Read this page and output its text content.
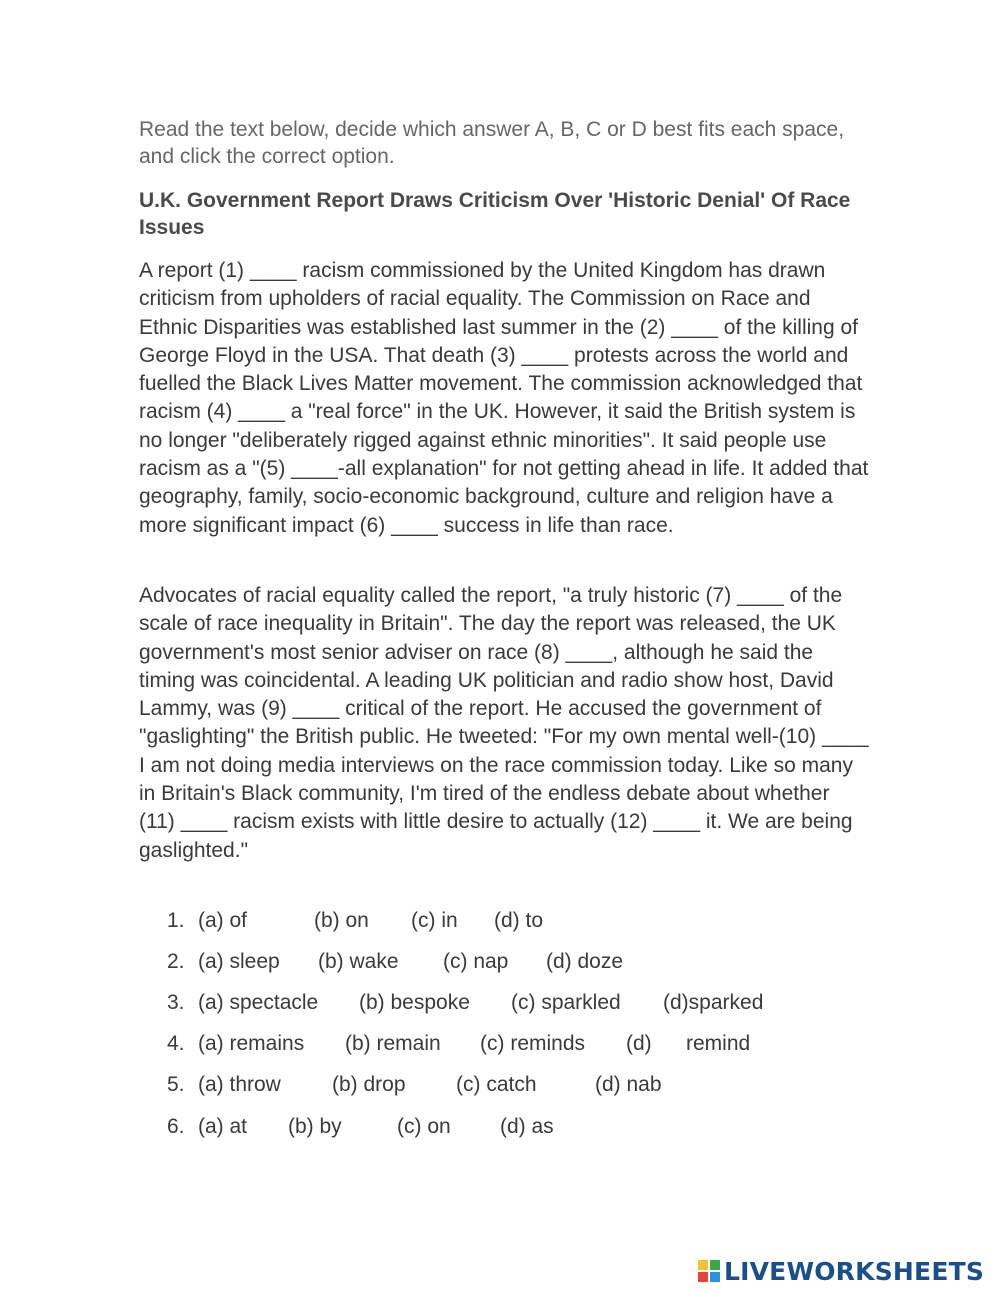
Read the text below, decide which answer A, B, C or D best fits each space, and click the correct option.

U.K. Government Report Draws Criticism Over 'Historic Denial' Of Race Issues

A report (1) ____ racism commissioned by the United Kingdom has drawn criticism from upholders of racial equality. The Commission on Race and Ethnic Disparities was established last summer in the (2) ____ of the killing of George Floyd in the USA. That death (3) ____ protests across the world and fuelled the Black Lives Matter movement. The commission acknowledged that racism (4) ____ a "real force" in the UK. However, it said the British system is no longer "deliberately rigged against ethnic minorities". It said people use racism as a "(5) ____-all explanation" for not getting ahead in life. It added that geography, family, socio-economic background, culture and religion have a more significant impact (6) ____ success in life than race.

Advocates of racial equality called the report, "a truly historic (7) ____ of the scale of race inequality in Britain". The day the report was released, the UK government's most senior adviser on race (8) ____, although he said the timing was coincidental. A leading UK politician and radio show host, David Lammy, was (9) ____ critical of the report. He accused the government of "gaslighting" the British public. He tweeted: "For my own mental well-(10) ____ I am not doing media interviews on the race commission today. Like so many in Britain's Black community, I'm tired of the endless debate about whether (11) ____ racism exists with little desire to actually (12) ____ it. We are being gaslighted."

1. (a) of	(b) on (c) in (d) to
2. (a) sleep (b) wake (c) nap (d) doze
3. (a) spectacle (b) bespoke (c) sparkled (d)sparked
4. (a) remains (b) remain (c) reminds (d) remind
5. (a) throw (b) drop (c) catch	(d) nab
6. (a) at (b) by	(c) on (d) as
LIVEWORKSHEETS
